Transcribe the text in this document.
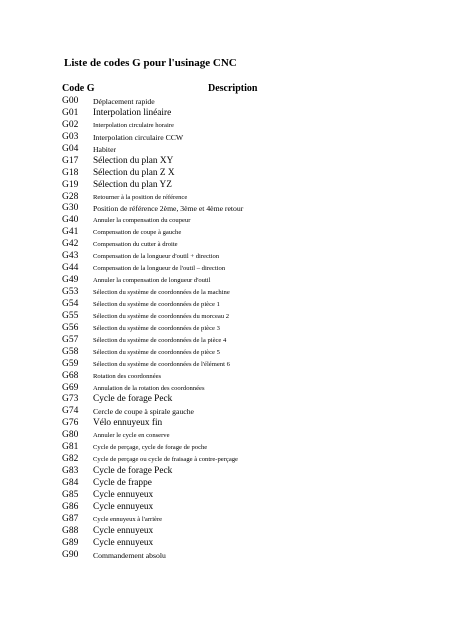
Liste de codes G pour l'usinage CNC
Code G	Description
G00 Déplacement rapide
G01 Interpolation linéaire
G02 Interpolation circulaire horaire
G03 Interpolation circulaire CCW
G04 Habiter
G17 Sélection du plan XY
G18 Sélection du plan Z X
G19 Sélection du plan YZ
G28 Retourner à la position de référence
G30 Position de référence 2ème, 3ème et 4ème retour
G40 Annuler la compensation du coupeur
G41 Compensation de coupe à gauche
G42 Compensation du cutter à droite
G43 Compensation de la longueur d'outil + direction
G44 Compensation de la longueur de l'outil – direction
G49 Annuler la compensation de longueur d'outil
G53 Sélection du système de coordonnées de la machine
G54 Sélection du système de coordonnées de pièce 1
G55 Sélection du système de coordonnées du morceau 2
G56 Sélection du système de coordonnées de pièce 3
G57 Sélection du système de coordonnées de la pièce 4
G58 Sélection du système de coordonnées de pièce 5
G59 Sélection du système de coordonnées de l'élément 6
G68 Rotation des coordonnées
G69 Annulation de la rotation des coordonnées
G73 Cycle de forage Peck
G74 Cercle de coupe à spirale gauche
G76 Vélo ennuyeux fin
G80 Annuler le cycle en conserve
G81 Cycle de perçage, cycle de forage de poche
G82 Cycle de perçage ou cycle de fraisage à contre-perçage
G83 Cycle de forage Peck
G84 Cycle de frappe
G85 Cycle ennuyeux
G86 Cycle ennuyeux
G87 Cycle ennuyeux à l'arrière
G88 Cycle ennuyeux
G89 Cycle ennuyeux
G90 Commandement absolu
